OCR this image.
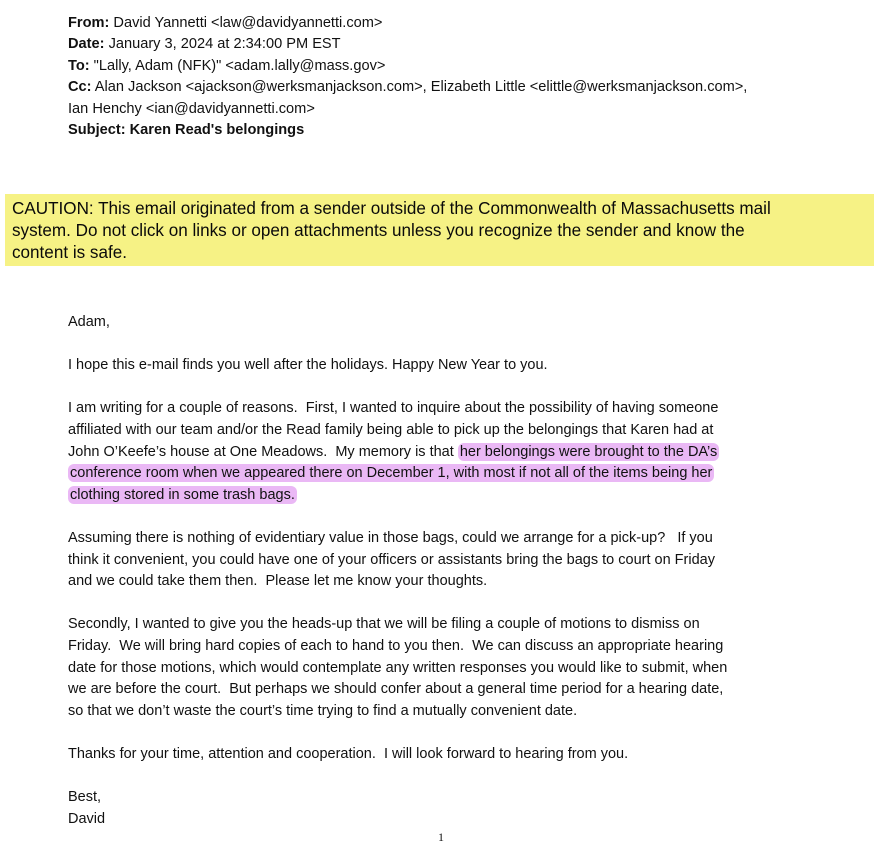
From: David Yannetti <law@davidyannetti.com>
Date: January 3, 2024 at 2:34:00 PM EST
To: "Lally, Adam (NFK)" <adam.lally@mass.gov>
Cc: Alan Jackson <ajackson@werksmanjackson.com>, Elizabeth Little <elittle@werksmanjackson.com>,
Ian Henchy <ian@davidyannetti.com>
Subject: Karen Read's belongings
CAUTION: This email originated from a sender outside of the Commonwealth of Massachusetts mail
system. Do not click on links or open attachments unless you recognize the sender and know the
content is safe.

Adam,

I hope this e-mail finds you well after the holidays. Happy New Year to you.

I am writing for a couple of reasons.  First, I wanted to inquire about the possibility of having someone

affiliated with our team and/or the Read family being able to pick up the belongings that Karen had at

John O’Keefe’s house at One Meadows.  My memory is that her belongings were brought to the DA’s

conference room when we appeared there on December 1, with most if not all of the items being her

clothing stored in some trash bags.

Assuming there is nothing of evidentiary value in those bags, could we arrange for a pick-up?   If you

think it convenient, you could have one of your officers or assistants bring the bags to court on Friday

and we could take them then.  Please let me know your thoughts.

Secondly, I wanted to give you the heads-up that we will be filing a couple of motions to dismiss on

Friday.  We will bring hard copies of each to hand to you then.  We can discuss an appropriate hearing

date for those motions, which would contemplate any written responses you would like to submit, when

we are before the court.  But perhaps we should confer about a general time period for a hearing date,

so that we don’t waste the court’s time trying to find a mutually convenient date.

Thanks for your time, attention and cooperation.  I will look forward to hearing from you.

Best,

David

1
